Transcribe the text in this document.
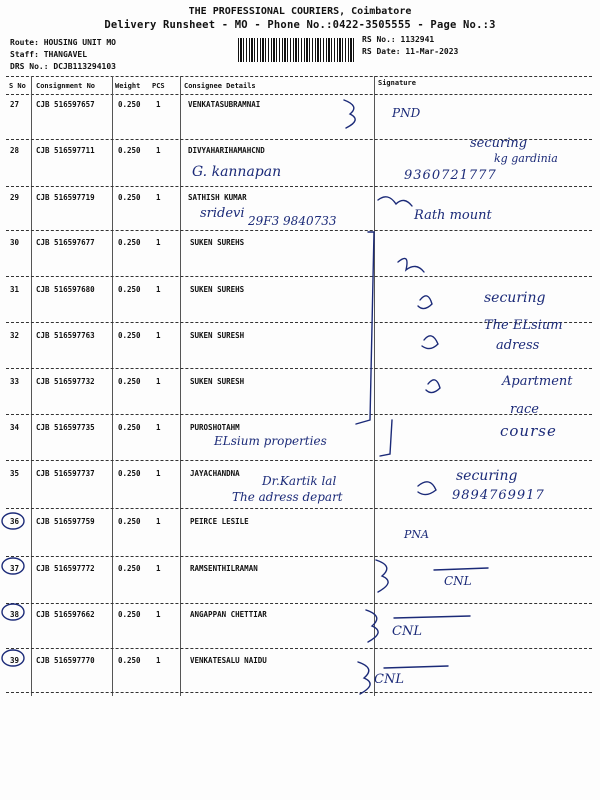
THE PROFESSIONAL COURIERS, Coimbatore
Delivery Runsheet - MO - Phone No.:0422-3505555 - Page No.:3
Route: HOUSING UNIT MO
Staff: THANGAVEL
DRS No.: DCJB113294103
RS No.: 1132941
RS Date: 11-Mar-2023
S No Consignment No	Weight PCS	Consignee Details	Signature
27 CJB 516597657	0.250 1	VENKATASUBRAMNAI
28 CJB 516597711	0.250 1	DIVYAHARIHAMAHCND
29 CJB 516597719	0.250 1	SATHISH KUMAR
30 CJB 516597677	0.250 1	SUKEN SUREHS
31 CJB 516597680	0.250 1	SUKEN SUREHS
32 CJB 516597763	0.250 1	SUKEN SURESH
33 CJB 516597732	0.250 1	SUKEN SURESH
34 CJB 516597735	0.250 1	PUROSHOTAHM
35 CJB 516597737	0.250 1	JAYACHANDNA
36 CJB 516597759	0.250 1	PEIRCE LESILE
37 CJB 516597772	0.250 1	RAMSENTHILRAMAN
38 CJB 516597662	0.250 1	ANGAPPAN CHETTIAR
39 CJB 516597770	0.250 1	VENKATESALU NAIDU
PND
G. kannapan
securing
kg gardinia
9360721777
sridevi 29F3 9840733	Rath mount
securing
The ELsium
adress
Apartment
race
course
ELsium properties
Dr.Kartik lal
The adress depart
securing
9894769917
PNA
CNL
CNL
CNL
